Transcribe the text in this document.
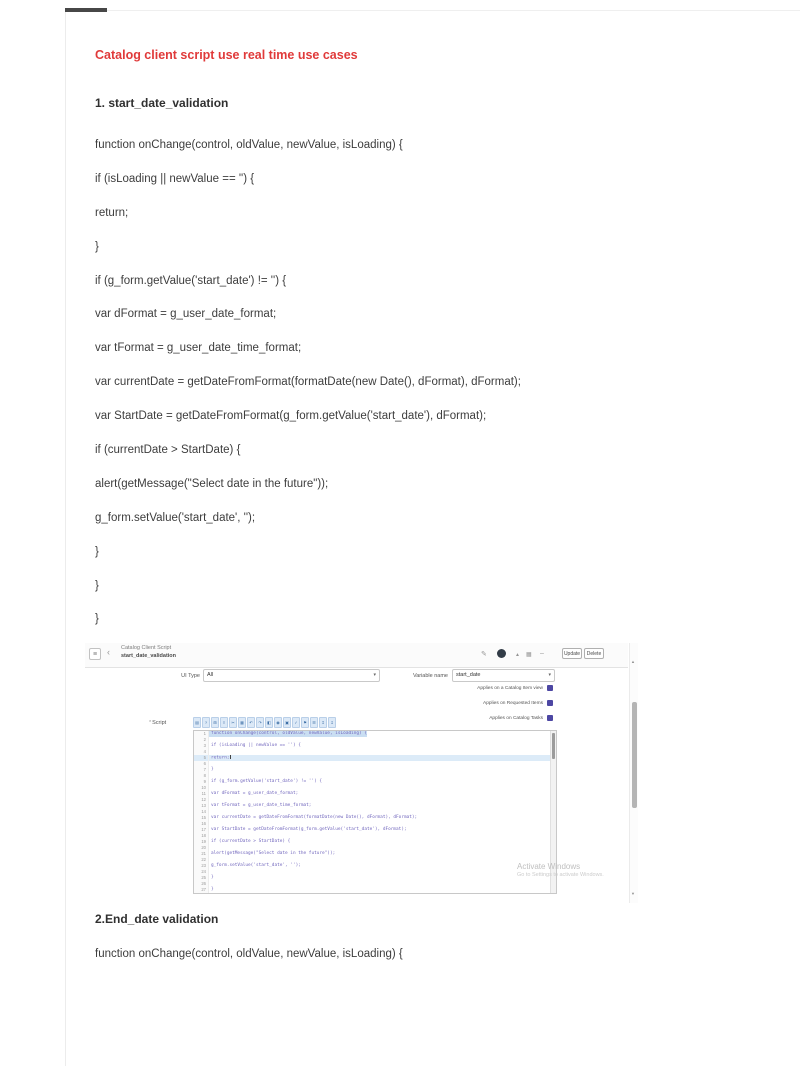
Catalog client script use real time use cases
1. start_date_validation

function onChange(control, oldValue, newValue, isLoading) {

if (isLoading || newValue == '') {

return;

}

if (g_form.getValue('start_date') != '') {

var dFormat = g_user_date_format;

var tFormat = g_user_date_time_format;

var currentDate = getDateFromFormat(formatDate(new Date(), dFormat), dFormat);

var StartDate = getDateFromFormat(g_form.getValue('start_date'), dFormat);

if (currentDate > StartDate) {

alert(getMessage("Select date in the future"));

g_form.setValue('start_date', '');

}

}

}

≡	‹ Catalog Client Script
start_date_validation	✎	▲ ▦ –	Update	Delete
UI Type	All	▾	Variable name	start_date	▾
Applies on a Catalog Item view
Applies on Requested Items
Applies on Catalog Tasks
*Script	▤	?	⊞	≡	✂	▦	↶	↷	◧	◉	▣	✓	⚑	☰	↥	↧
1	function onChange(control, oldValue, newValue, isLoading) {
2
3	if (isLoading || newValue == '') {
4
5	return;
6
7	}
8
9	if (g_form.getValue('start_date') != '') {
10
11	var dFormat = g_user_date_format;
12
13	var tFormat = g_user_date_time_format;
14
15	var currentDate = getDateFromFormat(formatDate(new Date(), dFormat), dFormat);
16
17	var StartDate = getDateFromFormat(g_form.getValue('start_date'), dFormat);
18
19	if (currentDate > StartDate) {
20
21	alert(getMessage("Select date in the future"));
22
23	g_form.setValue('start_date', '');
24
25	}
26
27	}
Activate Windows
Go to Settings to activate Windows.
▲
▼
2.End_date validation
function onChange(control, oldValue, newValue, isLoading) {
